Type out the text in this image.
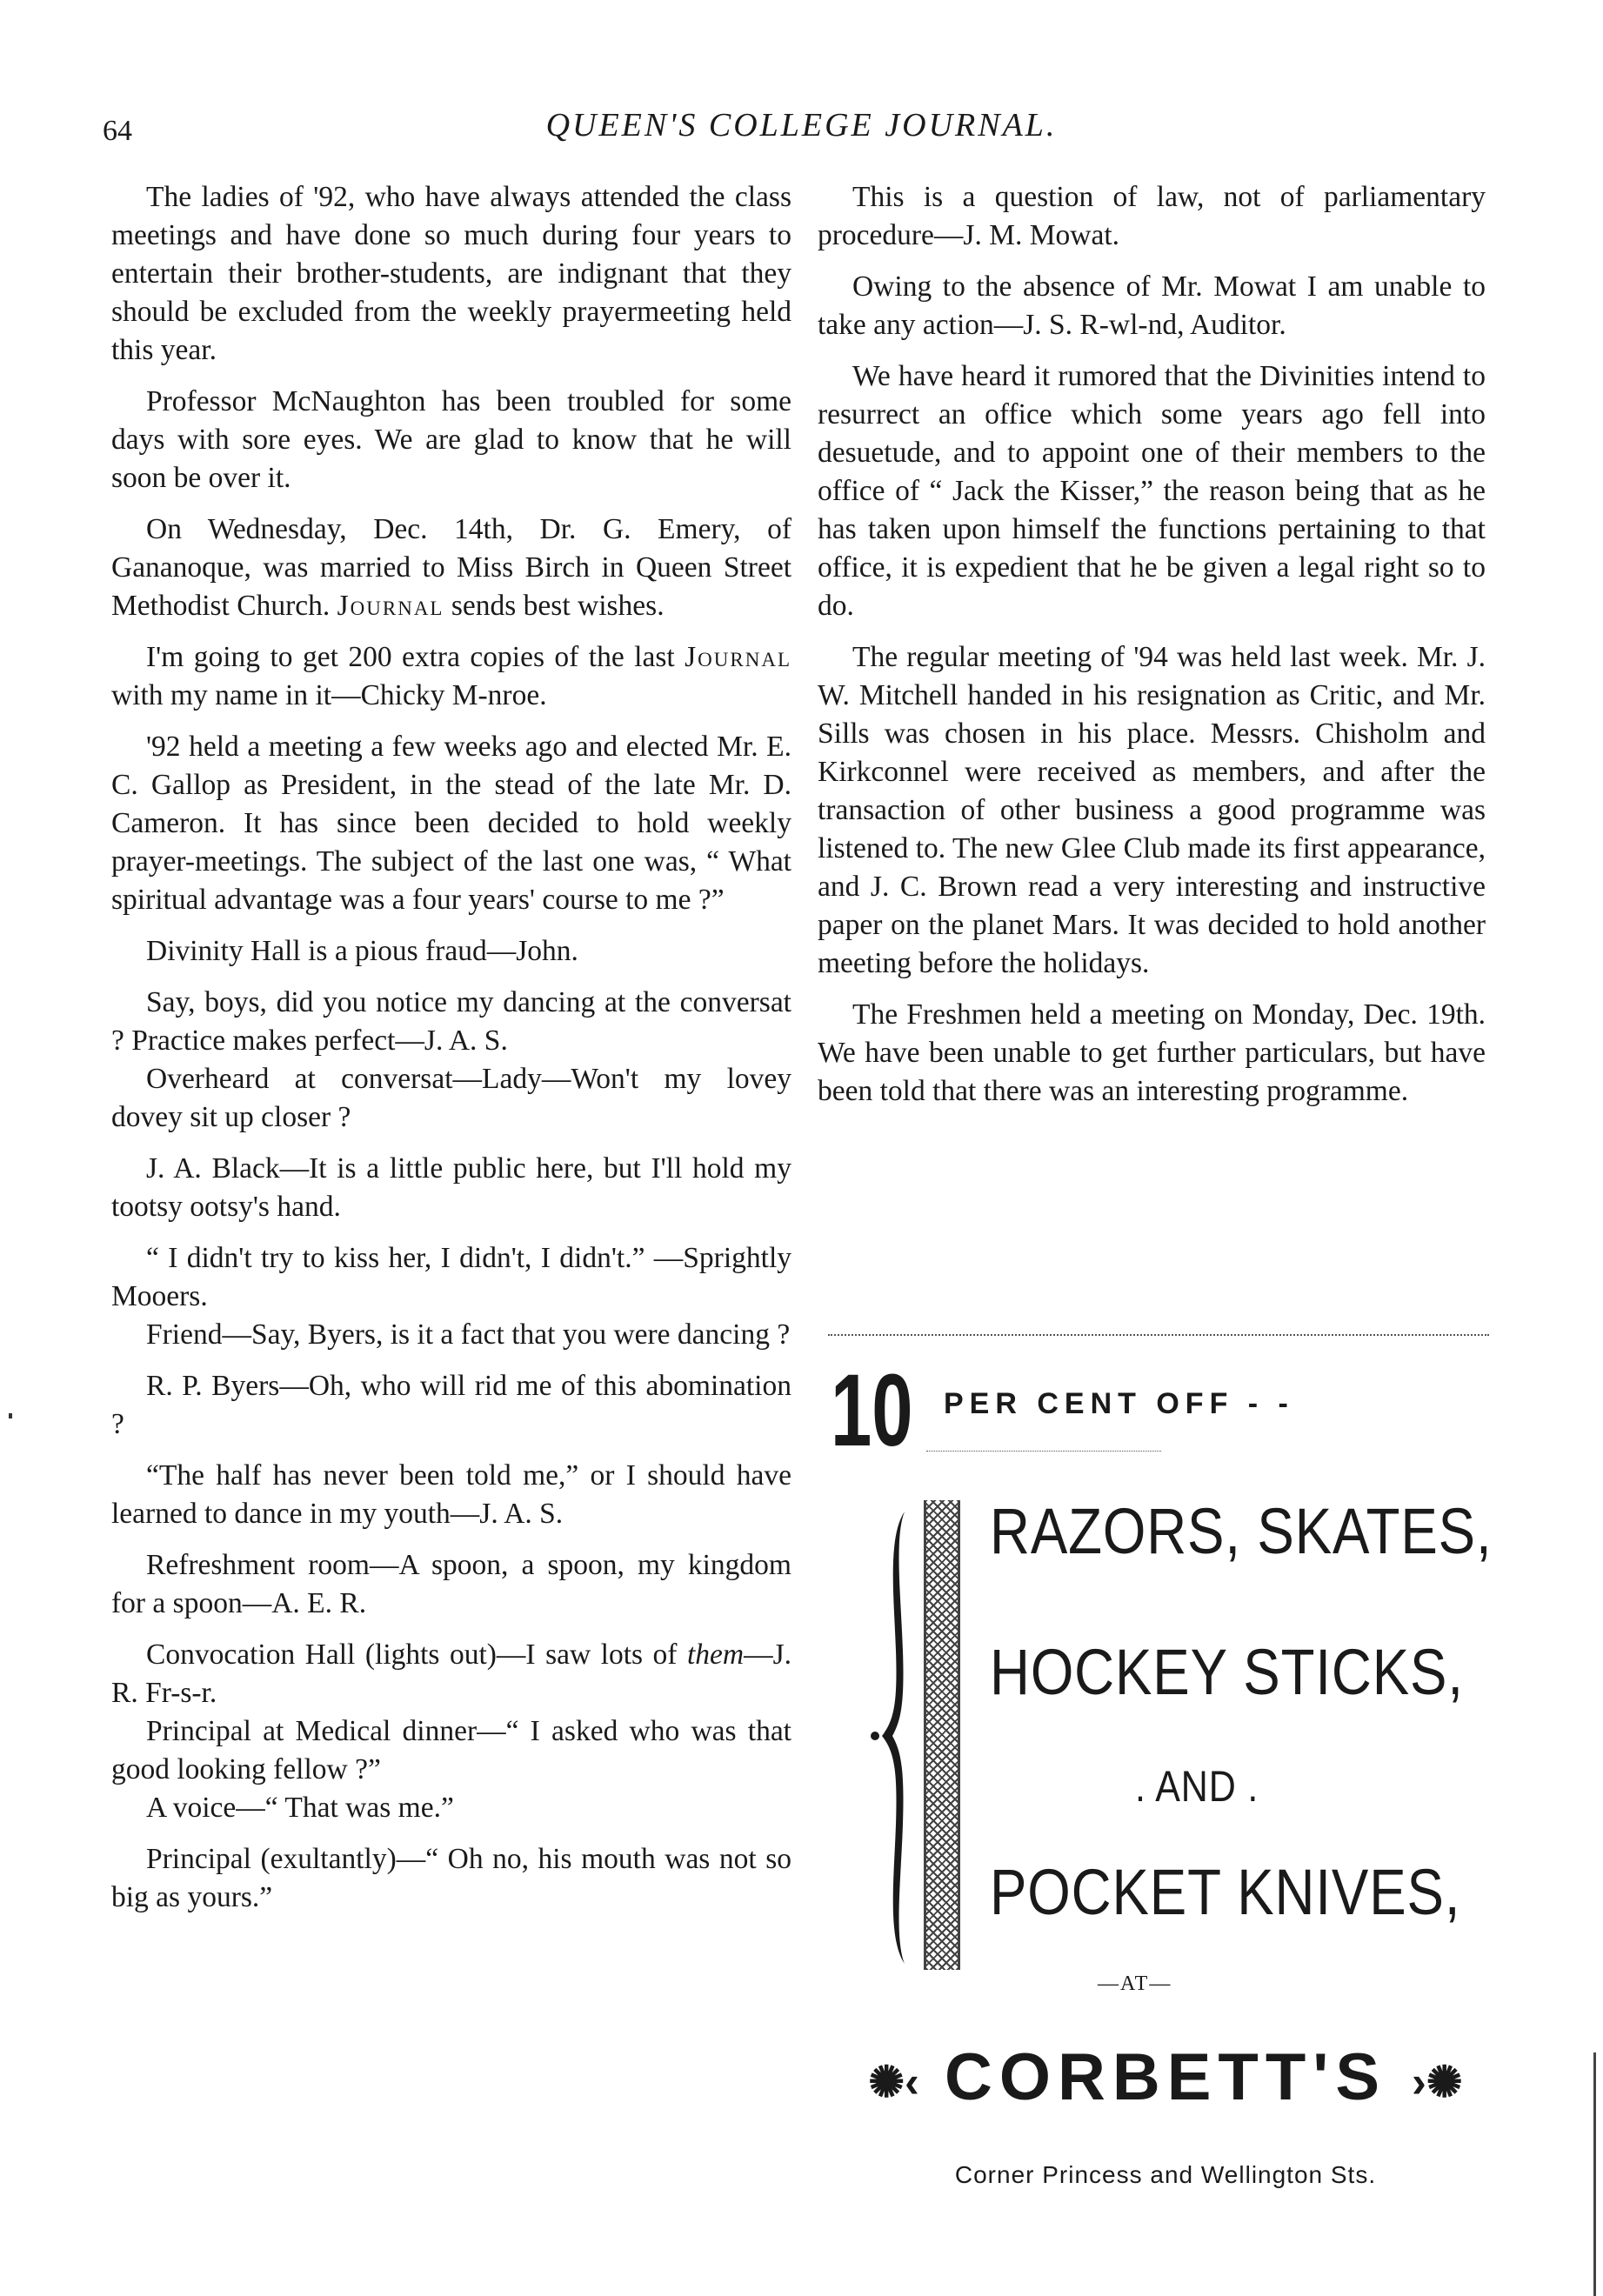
64	QUEEN'S COLLEGE JOURNAL.

The ladies of '92, who have always attended the class meetings and have done so much during four years to entertain their brother-students, are indignant that they should be excluded from the weekly prayermeeting held this year.

Professor McNaughton has been troubled for some days with sore eyes. We are glad to know that he will soon be over it.

On Wednesday, Dec. 14th, Dr. G. Emery, of Gananoque, was married to Miss Birch in Queen Street Methodist Church. Journal sends best wishes.

I'm going to get 200 extra copies of the last Journal with my name in it—Chicky M-nroe.

'92 held a meeting a few weeks ago and elected Mr. E. C. Gallop as President, in the stead of the late Mr. D. Cameron. It has since been decided to hold weekly prayer-meetings. The subject of the last one was, “ What spiritual advantage was a four years' course to me ?”

Divinity Hall is a pious fraud—John.

Say, boys, did you notice my dancing at the conversat ? Practice makes perfect—J. A. S.

Overheard at conversat—Lady—Won't my lovey dovey sit up closer ?

J. A. Black—It is a little public here, but I'll hold my tootsy ootsy's hand.

“ I didn't try to kiss her, I didn't, I didn't.” —Sprightly Mooers.

Friend—Say, Byers, is it a fact that you were dancing ?

R. P. Byers—Oh, who will rid me of this abomination ?

“The half has never been told me,” or I should have learned to dance in my youth—J. A. S.

Refreshment room—A spoon, a spoon, my kingdom for a spoon—A. E. R.

Convocation Hall (lights out)—I saw lots of them—J. R. Fr-s-r.

Principal at Medical dinner—“ I asked who was that good looking fellow ?”

A voice—“ That was me.”

Principal (exultantly)—“ Oh no, his mouth was not so big as yours.”

This is a question of law, not of parliamentary procedure—J. M. Mowat.

Owing to the absence of Mr. Mowat I am unable to take any action—J. S. R-wl-nd, Auditor.

We have heard it rumored that the Divinities intend to resurrect an office which some years ago fell into desuetude, and to appoint one of their members to the office of “ Jack the Kisser,” the reason being that as he has taken upon himself the functions pertaining to that office, it is expedient that he be given a legal right so to do.

The regular meeting of '94 was held last week. Mr. J. W. Mitchell handed in his resignation as Critic, and Mr. Sills was chosen in his place. Messrs. Chisholm and Kirkconnel were received as members, and after the transaction of other business a good programme was listened to. The new Glee Club made its first appearance, and J. C. Brown read a very interesting and instructive paper on the planet Mars. It was decided to hold another meeting before the holidays.

The Freshmen held a meeting on Monday, Dec. 19th. We have been unable to get further particulars, but have been told that there was an interesting programme.

10 PER CENT OFF - -
RAZORS, SKATES,
HOCKEY STICKS,
. AND .
POCKET KNIVES,
—AT—
✺‹ CORBETT'S ›✺
Corner Princess and Wellington Sts.
